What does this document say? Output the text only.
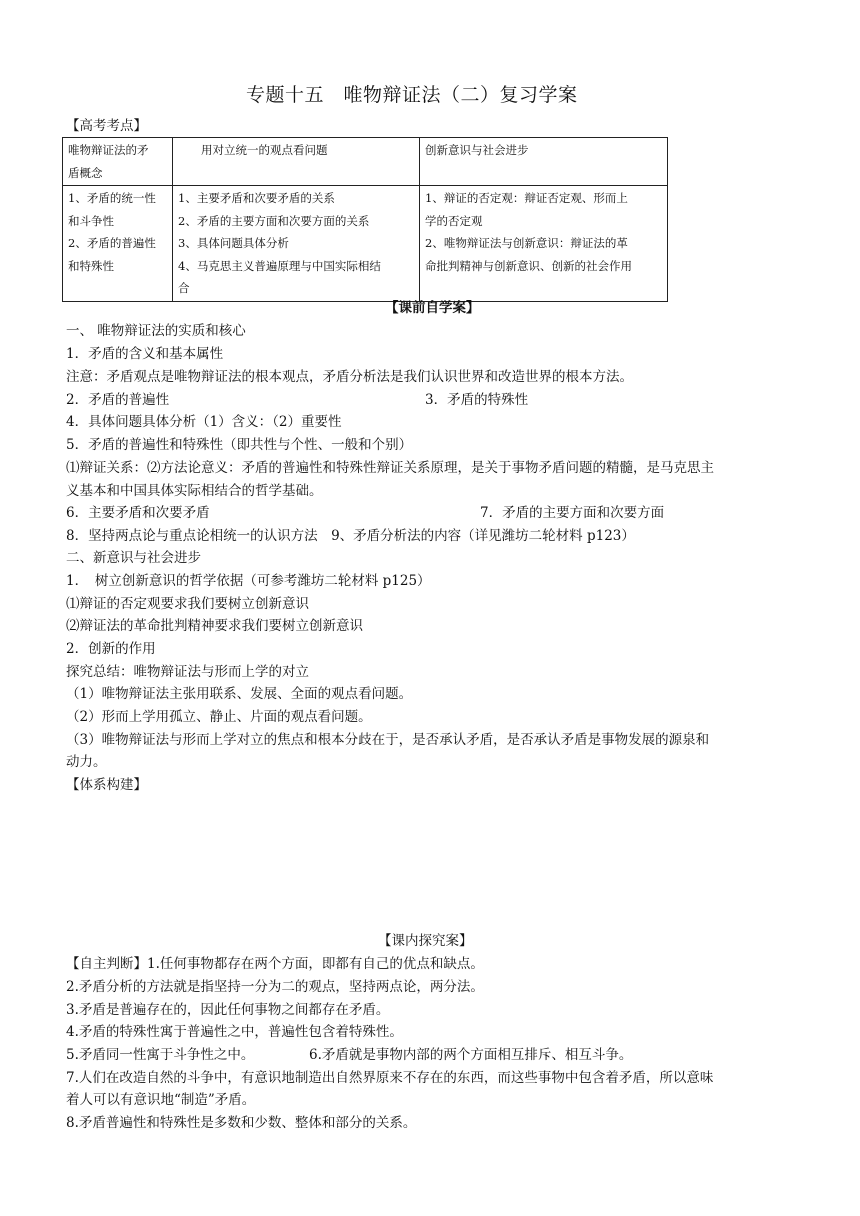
专题十五　唯物辩证法（二）复习学案
【高考考点】
唯物辩证法的矛
盾概念	　　用对立统一的观点看问题	创新意识与社会进步

1、矛盾的统一性
和斗争性
2、矛盾的普遍性
和特殊性	1、主要矛盾和次要矛盾的关系
2、矛盾的主要方面和次要方面的关系
3、具体问题具体分析
4、马克思主义普遍原理与中国实际相结
合	1、辩证的否定观：辩证否定观、形而上
学的否定观
2、唯物辩证法与创新意识：辩证法的革
命批判精神与创新意识、创新的社会作用
【课前自学案】
一、 唯物辩证法的实质和核心
1．矛盾的含义和基本属性
注意：矛盾观点是唯物辩证法的根本观点，矛盾分析法是我们认识世界和改造世界的根本方法。
2．矛盾的普遍性	3．矛盾的特殊性
4．具体问题具体分析（1）含义：（2）重要性
5．矛盾的普遍性和特殊性（即共性与个性、一般和个别）
⑴辩证关系：⑵方法论意义：矛盾的普遍性和特殊性辩证关系原理，是关于事物矛盾问题的精髓，是马克思主
义基本和中国具体实际相结合的哲学基础。
6．主要矛盾和次要矛盾	7．矛盾的主要方面和次要方面
8．坚持两点论与重点论相统一的认识方法　9、矛盾分析法的内容（详见潍坊二轮材料 p123）
二、新意识与社会进步
1．　树立创新意识的哲学依据（可参考潍坊二轮材料 p125）
⑴辩证的否定观要求我们要树立创新意识
⑵辩证法的革命批判精神要求我们要树立创新意识
2．创新的作用
探究总结：唯物辩证法与形而上学的对立
（1）唯物辩证法主张用联系、发展、全面的观点看问题。
（2）形而上学用孤立、静止、片面的观点看问题。
（3）唯物辩证法与形而上学对立的焦点和根本分歧在于，是否承认矛盾，是否承认矛盾是事物发展的源泉和
动力。
【体系构建】
【课内探究案】
【自主判断】1.任何事物都存在两个方面，即都有自己的优点和缺点。
2.矛盾分析的方法就是指坚持一分为二的观点，坚持两点论，两分法。
3.矛盾是普遍存在的，因此任何事物之间都存在矛盾。
4.矛盾的特殊性寓于普遍性之中，普遍性包含着特殊性。
5.矛盾同一性寓于斗争性之中。	6.矛盾就是事物内部的两个方面相互排斥、相互斗争。
7.人们在改造自然的斗争中，有意识地制造出自然界原来不存在的东西，而这些事物中包含着矛盾，所以意味
着人可以有意识地“制造”矛盾。
8.矛盾普遍性和特殊性是多数和少数、整体和部分的关系。
